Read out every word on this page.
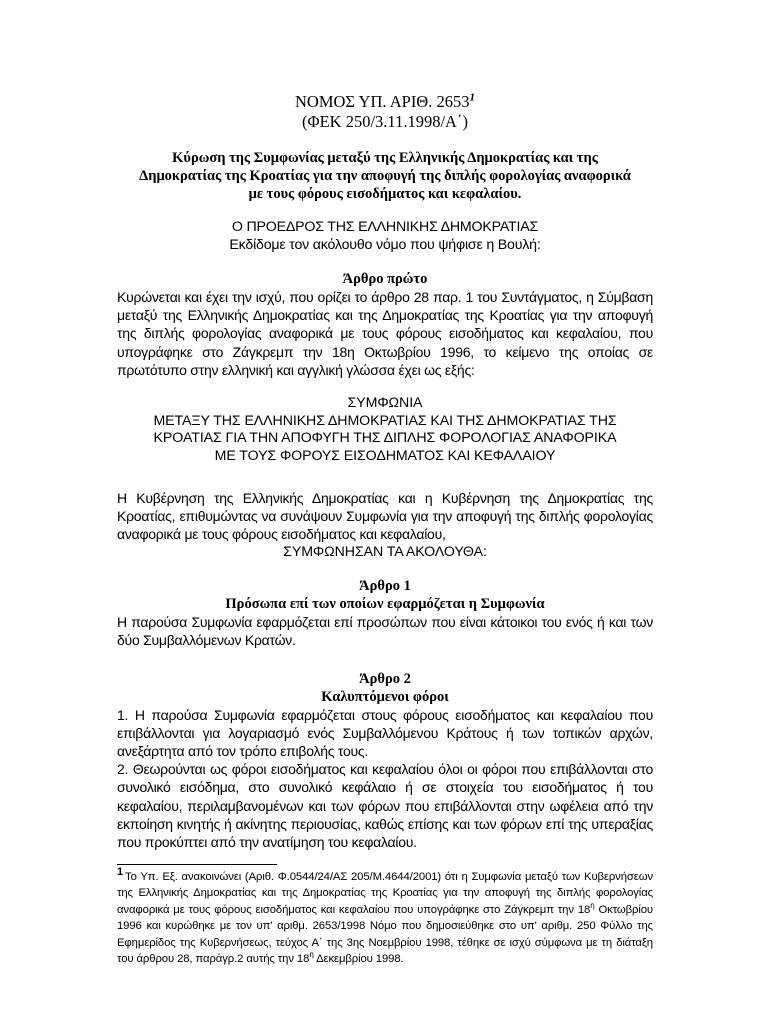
ΝΟΜΟΣ ΥΠ. ΑΡΙΘ. 2653$^1$
(ΦΕΚ 250/3.11.1998/Α΄)
Κύρωση της Συμφωνίας μεταξύ της Ελληνικής Δημοκρατίας και της
Δημοκρατίας της Κροατίας για την αποφυγή της διπλής φορολογίας αναφορικά
με τους φόρους εισοδήματος και κεφαλαίου.
Ο ΠΡΟΕΔΡΟΣ ΤΗΣ ΕΛΛΗΝΙΚΗΣ ΔΗΜΟΚΡΑΤΙΑΣ
Εκδίδομε τον ακόλουθο νόμο που ψήφισε η Βουλή:
Άρθρο πρώτο
Κυρώνεται και έχει την ισχύ, που ορίζει το άρθρο 28 παρ. 1 του Συντάγματος, η Σύμβαση μεταξύ της Ελληνικής Δημοκρατίας και της Δημοκρατίας της Κροατίας για την αποφυγή της διπλής φορολογίας αναφορικά με τους φόρους εισοδήματος και κεφαλαίου, που υπογράφηκε στο Ζάγκρεμπ την 18η Οκτωβρίου 1996, το κείμενο της οποίας σε πρωτότυπο στην ελληνική και αγγλική γλώσσα έχει ως εξής:
ΣΥΜΦΩΝΙΑ
ΜΕΤΑΞΥ ΤΗΣ ΕΛΛΗΝΙΚΗΣ ΔΗΜΟΚΡΑΤΙΑΣ ΚΑΙ ΤΗΣ ΔΗΜΟΚΡΑΤΙΑΣ ΤΗΣ
ΚΡΟΑΤΙΑΣ ΓΙΑ ΤΗΝ ΑΠΟΦΥΓΗ ΤΗΣ ΔΙΠΛΗΣ ΦΟΡΟΛΟΓΙΑΣ ΑΝΑΦΟΡΙΚΑ
ΜΕ ΤΟΥΣ ΦΟΡΟΥΣ ΕΙΣΟΔΗΜΑΤΟΣ ΚΑΙ ΚΕΦΑΛΑΙΟΥ
Η Κυβέρνηση της Ελληνικής Δημοκρατίας και η Κυβέρνηση της Δημοκρατίας της Κροατίας, επιθυμώντας να συνάψουν Συμφωνία για την αποφυγή της διπλής φορολογίας αναφορικά με τους φόρους εισοδήματος και κεφαλαίου,
ΣΥΜΦΩΝΗΣΑΝ ΤΑ ΑΚΟΛΟΥΘΑ:
Άρθρο 1
Πρόσωπα επί των οποίων εφαρμόζεται η Συμφωνία
Η παρούσα Συμφωνία εφαρμόζεται επί προσώπων που είναι κάτοικοι του ενός ή και των δύο Συμβαλλόμενων Κρατών.
Άρθρο 2
Καλυπτόμενοι φόροι
1. Η παρούσα Συμφωνία εφαρμόζεται στους φόρους εισοδήματος και κεφαλαίου που επιβάλλονται για λογαριασμό ενός Συμβαλλόμενου Κράτους ή των τοπικών αρχών, ανεξάρτητα από τον τρόπο επιβολής τους.
2. Θεωρούνται ως φόροι εισοδήματος και κεφαλαίου όλοι οι φόροι που επιβάλλονται στο συνολικό εισόδημα, στο συνολικό κεφάλαιο ή σε στοιχεία του εισοδήματος ή του κεφαλαίου, περιλαμβανομένων και των φόρων που επιβάλλονται στην ωφέλεια από την εκποίηση κινητής ή ακίνητης περιουσίας, καθώς επίσης και των φόρων επί της υπεραξίας που προκύπτει από την ανατίμηση του κεφαλαίου.
1 Το Υπ. Εξ. ανακοινώνει (Αριθ. Φ.0544/24/ΑΣ 205/Μ.4644/2001) ότι η Συμφωνία μεταξύ των Κυβερνήσεων της Ελληνικής Δημοκρατίας και της Δημοκρατίας της Κροατίας για την αποφυγή της διπλής φορολογίας αναφορικά με τους φόρους εισοδήματος και κεφαλαίου που υπογράφηκε στο Ζάγκρεμπ την $18^\eta$ Οκτωβρίου 1996 και κυρώθηκε με τον υπ' αριθμ. 2653/1998 Νόμο που δημοσιεύθηκε στο υπ' αριθμ. 250 Φύλλο της Εφημερίδος της Κυβερνήσεως, τεύχος Α΄ της 3ης Νοεμβρίου 1998, τέθηκε σε ισχύ σύμφωνα με τη διάταξη του άρθρου 28, παράγρ.2 αυτής την $18^\eta$ Δεκεμβρίου 1998.
